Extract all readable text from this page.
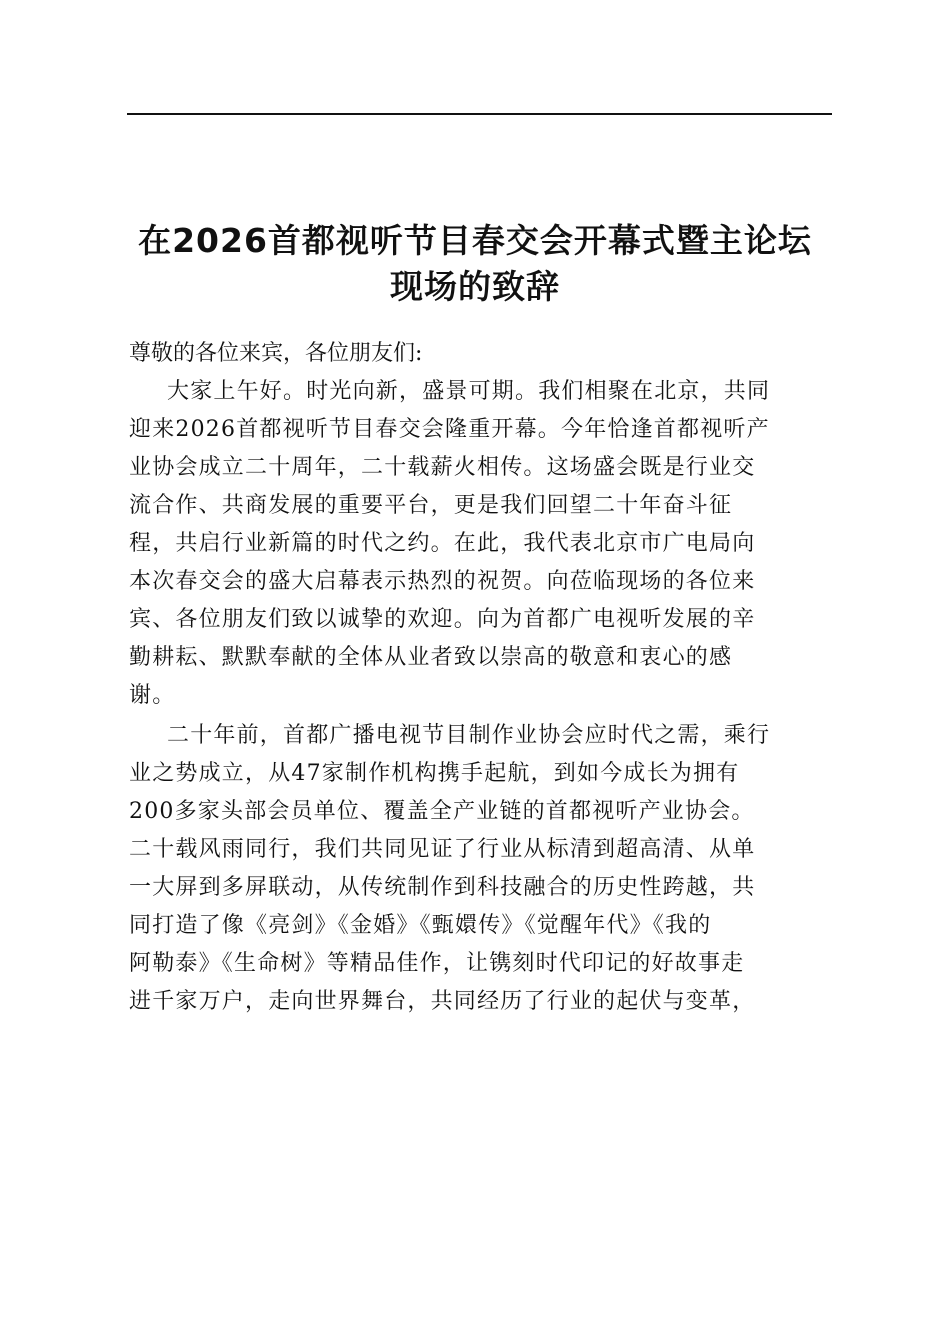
在2026首都视听节目春交会开幕式暨主论坛
现场的致辞

尊敬的各位来宾，各位朋友们:

大家上午好。时光向新，盛景可期。我们相聚在北京，共同
迎来2026首都视听节目春交会隆重开幕。今年恰逢首都视听产
业协会成立二十周年，二十载薪火相传。这场盛会既是行业交
流合作、共商发展的重要平台，更是我们回望二十年奋斗征
程，共启行业新篇的时代之约。在此，我代表北京市广电局向
本次春交会的盛大启幕表示热烈的祝贺。向莅临现场的各位来
宾、各位朋友们致以诚挚的欢迎。向为首都广电视听发展的辛
勤耕耘、默默奉献的全体从业者致以崇高的敬意和衷心的感
谢。

二十年前，首都广播电视节目制作业协会应时代之需，乘行
业之势成立，从47家制作机构携手起航，到如今成长为拥有
200多家头部会员单位、覆盖全产业链的首都视听产业协会。
二十载风雨同行，我们共同见证了行业从标清到超高清、从单
一大屏到多屏联动，从传统制作到科技融合的历史性跨越，共
同打造了像《亮剑》《金婚》《甄嬛传》《觉醒年代》《我的
阿勒泰》《生命树》等精品佳作，让镌刻时代印记的好故事走
进千家万户，走向世界舞台，共同经历了行业的起伏与变革，
